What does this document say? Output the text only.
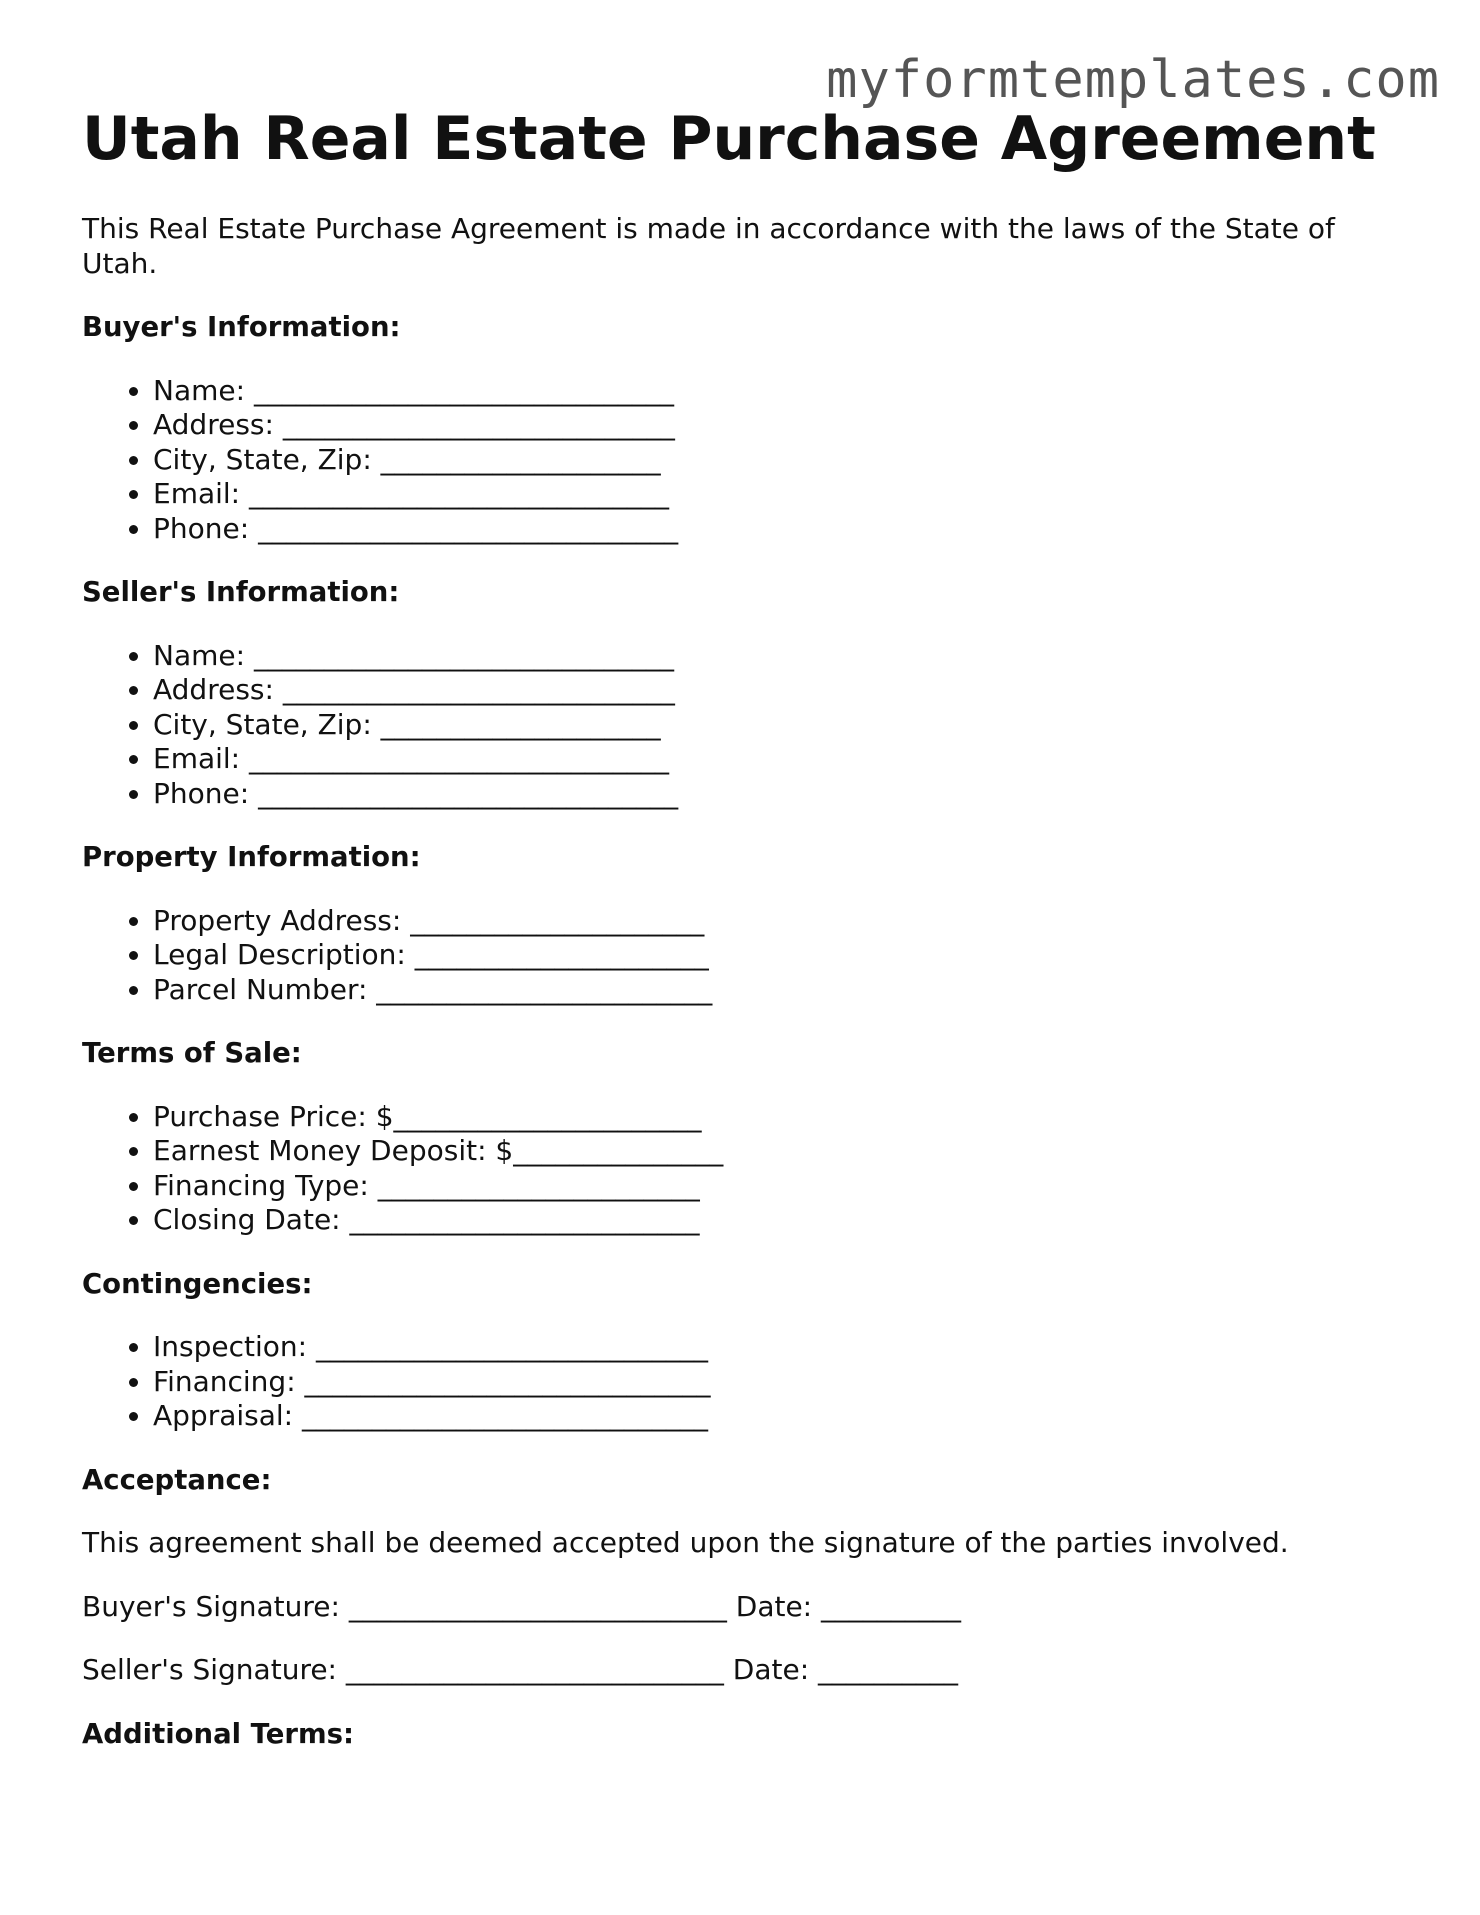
myformtemplates.com
Utah Real Estate Purchase Agreement

This Real Estate Purchase Agreement is made in accordance with the laws of the State of Utah.

Buyer's Information:
• Name: ______________________________
• Address: ____________________________
• City, State, Zip: ____________________
• Email: ______________________________
• Phone: ______________________________
Seller's Information:
• Name: ______________________________
• Address: ____________________________
• City, State, Zip: ____________________
• Email: ______________________________
• Phone: ______________________________
Property Information:
• Property Address: _____________________
• Legal Description: _____________________
• Parcel Number: ________________________
Terms of Sale:
• Purchase Price: $______________________
• Earnest Money Deposit: $_______________
• Financing Type: _______________________
• Closing Date: _________________________
Contingencies:
• Inspection: ____________________________
• Financing: _____________________________
• Appraisal: _____________________________
Acceptance:

This agreement shall be deemed accepted upon the signature of the parties involved.

Buyer's Signature: ___________________________ Date: __________

Seller's Signature: ___________________________ Date: __________

Additional Terms:
